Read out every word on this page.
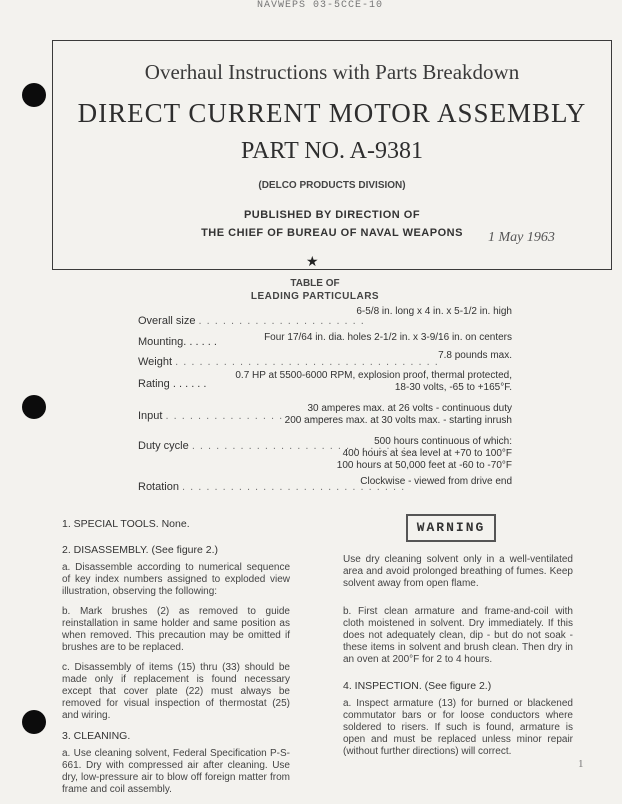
NAVWEPS 03-5CCE-10
Overhaul Instructions with Parts Breakdown
DIRECT CURRENT MOTOR ASSEMBLY
PART NO. A-9381
(DELCO PRODUCTS DIVISION)
PUBLISHED BY DIRECTION OF
THE CHIEF OF BUREAU OF NAVAL WEAPONS	1 May 1963
★
TABLE OF
LEADING PARTICULARS
Overall size . . . . . . . . . . . . . . . . . . . . .
6-5/8 in. long x 4 in. x 5-1/2 in. high
Mounting. . . . . .	Four 17/64 in. dia. holes 2-1/2 in. x 3-9/16 in. on centers
Weight . . . . . . . . . . . . . . . . . . . . . . . . . . . . . . . . .
7.8 pounds max.
Rating . . . . . .
0.7 HP at 5500-6000 RPM, explosion proof, thermal protected,
18-30 volts, -65 to +165°F.
Input . . . . . . . . . . . . . . . . . . . . .
30 amperes max. at 26 volts - continuous duty
200 amperes max. at 30 volts max. - starting inrush
Duty cycle . . . . . . . . . . . . . . . . . . . . . . . . . . .
500 hours continuous of which:
400 hours at sea level at +70 to 100°F
100 hours at 50,000 feet at -60 to -70°F
Rotation . . . . . . . . . . . . . . . . . . . . . . . . . . . .
Clockwise - viewed from drive end
1. SPECIAL TOOLS. None.
2. DISASSEMBLY. (See figure 2.)

a. Disassemble according to numerical sequence of key index numbers assigned to exploded view illustration, observing the following:

b. Mark brushes (2) as removed to guide reinstallation in same holder and same position as when removed. This precaution may be omitted if brushes are to be replaced.

c. Disassembly of items (15) thru (33) should be made only if replacement is found necessary except that cover plate (22) must always be removed for visual inspection of thermostat (25) and wiring.

3. CLEANING.

a. Use cleaning solvent, Federal Specification P-S-661. Dry with compressed air after cleaning. Use dry, low-pressure air to blow off foreign matter from frame and coil assembly.

WARNING

Use dry cleaning solvent only in a well-ventilated area and avoid prolonged breathing of fumes. Keep solvent away from open flame.

b. First clean armature and frame-and-coil with cloth moistened in solvent. Dry immediately. If this does not adequately clean, dip - but do not soak - these items in solvent and brush clean. Then dry in an oven at 200°F for 2 to 4 hours.

4. INSPECTION. (See figure 2.)

a. Inspect armature (13) for burned or blackened commutator bars or for loose conductors where soldered to risers. If such is found, armature is open and must be replaced unless minor repair (without further directions) will correct.

1
